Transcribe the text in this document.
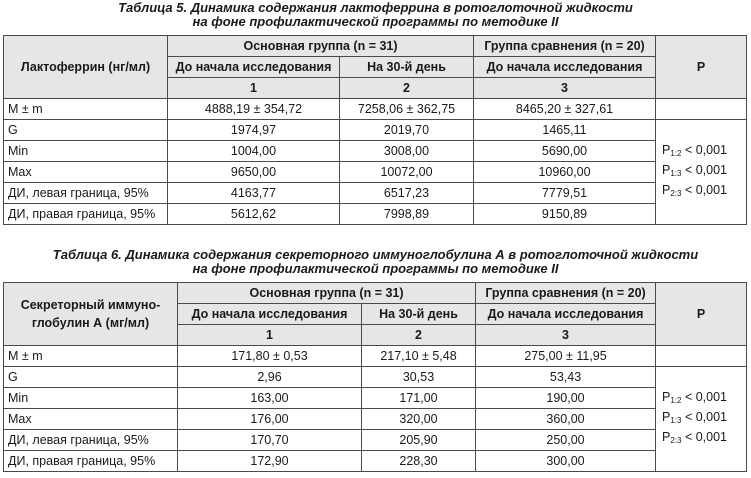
Таблица 5. Динамика содержания лактоферрина в ротоглоточной жидкости
на фоне профилактической программы по методике II
Лактоферрин (нг/мл)	Основная группа (n = 31)		Группа сравнения (n = 20)	P
	До начала исследования	На 30-й день	До начала исследования	
	1	2	3	
M ± m	4888,19 ± 354,72	7258,06 ± 362,75	8465,20 ± 327,61	
G	1974,97	2019,70	1465,11	$P_{1:2} < 0,001$
$P_{1:3} < 0,001$
$P_{2:3} < 0,001$

Min	1004,00	3008,00	5690,00	
Max	9650,00	10072,00	10960,00	
ДИ, левая граница, 95%	4163,77	6517,23	7779,51	
ДИ, правая граница, 95%	5612,62	7998,89	9150,89	
Таблица 6. Динамика содержания секреторного иммуноглобулина А в ротоглоточной жидкости
на фоне профилактической программы по методике II
Секреторный иммуно-глобулин А (мг/мл)	Основная группа (n = 31)		Группа сравнения (n = 20)	P
	До начала исследования	На 30-й день	До начала исследования	
	1	2	3	
M ± m	171,80 ± 0,53	217,10 ± 5,48	275,00 ± 11,95	
G	2,96	30,53	53,43	$P_{1:2} < 0,001$
$P_{1:3} < 0,001$
$P_{2:3} < 0,001$

Min	163,00	171,00	190,00	
Max	176,00	320,00	360,00	
ДИ, левая граница, 95%	170,70	205,90	250,00	
ДИ, правая граница, 95%	172,90	228,30	300,00	
